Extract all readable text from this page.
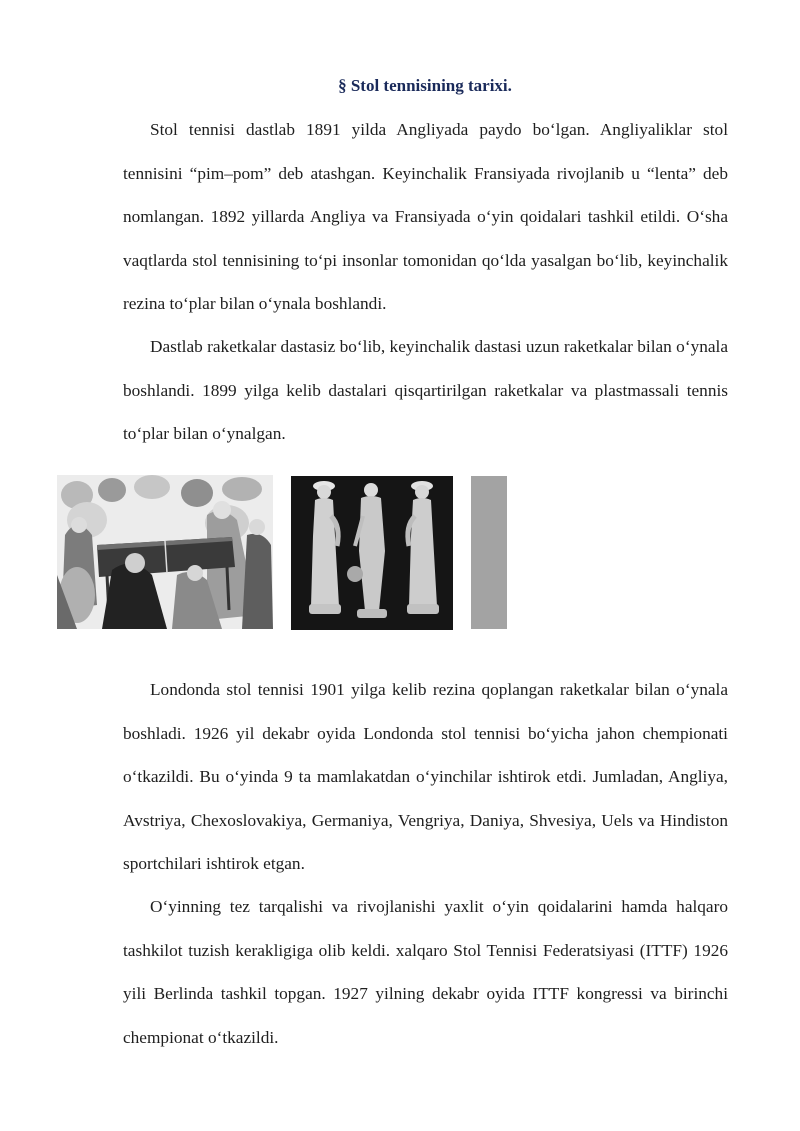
§ Stol tennisining tarixi.

Stol tennisi dastlab 1891 yilda Angliyada paydo bo‘lgan. Angliyaliklar stol tennisini “pim–pom” deb atashgan. Keyinchalik Fransiyada rivojlanib u “lenta” deb nomlangan. 1892 yillarda Angliya va Fransiyada o‘yin qoidalari tashkil etildi. O‘sha vaqtlarda stol tennisining to‘pi insonlar tomonidan qo‘lda yasalgan bo‘lib, keyinchalik rezina to‘plar bilan o‘ynala boshlandi.

Dastlab raketkalar dastasiz bo‘lib, keyinchalik dastasi uzun raketkalar bilan o‘ynala boshlandi. 1899 yilga kelib dastalari qisqartirilgan raketkalar va plastmassali tennis to‘plar bilan o‘ynalgan.

Londonda stol tennisi 1901 yilga kelib rezina qoplangan raketkalar bilan o‘ynala boshladi. 1926 yil dekabr oyida Londonda stol tennisi bo‘yicha jahon chempionati o‘tkazildi. Bu o‘yinda 9 ta mamlakatdan o‘yinchilar ishtirok etdi. Jumladan, Angliya, Avstriya, Chexoslovakiya, Germaniya, Vengriya, Daniya, Shvesiya, Uels va Hindiston sportchilari ishtirok etgan.

O‘yinning tez tarqalishi va rivojlanishi yaxlit o‘yin qoidalarini hamda halqaro tashkilot tuzish kerakligiga olib keldi. xalqaro Stol Tennisi Federatsiyasi (ITTF) 1926 yili Berlinda tashkil topgan. 1927 yilning dekabr oyida ITTF kongressi va birinchi chempionat o‘tkazildi.
